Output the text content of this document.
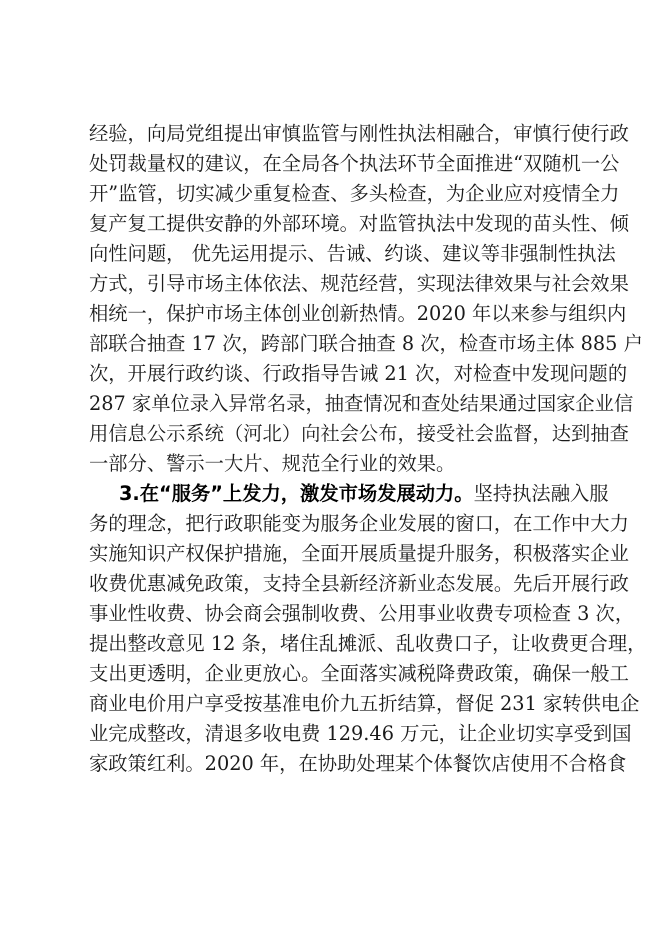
经验，向局党组提出审慎监管与刚性执法相融合，审慎行使行政

处罚裁量权的建议，在全局各个执法环节全面推进“双随机一公

开”监管，切实减少重复检查、多头检查，为企业应对疫情全力

复产复工提供安静的外部环境。对监管执法中发现的苗头性、倾

向性问题， 优先运用提示、告诫、约谈、建议等非强制性执法

方式，引导市场主体依法、规范经营，实现法律效果与社会效果

相统一，保护市场主体创业创新热情。2020 年以来参与组织内

部联合抽查 17 次，跨部门联合抽查 8 次，检查市场主体 885 户

次，开展行政约谈、行政指导告诫 21 次，对检查中发现问题的

287 家单位录入异常名录，抽查情况和查处结果通过国家企业信

用信息公示系统（河北）向社会公布，接受社会监督，达到抽查

一部分、警示一大片、规范全行业的效果。

3.在“服务”上发力，激发市场发展动力。坚持执法融入服

务的理念，把行政职能变为服务企业发展的窗口，在工作中大力

实施知识产权保护措施，全面开展质量提升服务，积极落实企业

收费优惠减免政策，支持全县新经济新业态发展。先后开展行政

事业性收费、协会商会强制收费、公用事业收费专项检查 3 次，

提出整改意见 12 条，堵住乱摊派、乱收费口子，让收费更合理，

支出更透明，企业更放心。全面落实减税降费政策，确保一般工

商业电价用户享受按基准电价九五折结算，督促 231 家转供电企

业完成整改，清退多收电费 129.46 万元，让企业切实享受到国

家政策红利。2020 年，在协助处理某个体餐饮店使用不合格食
